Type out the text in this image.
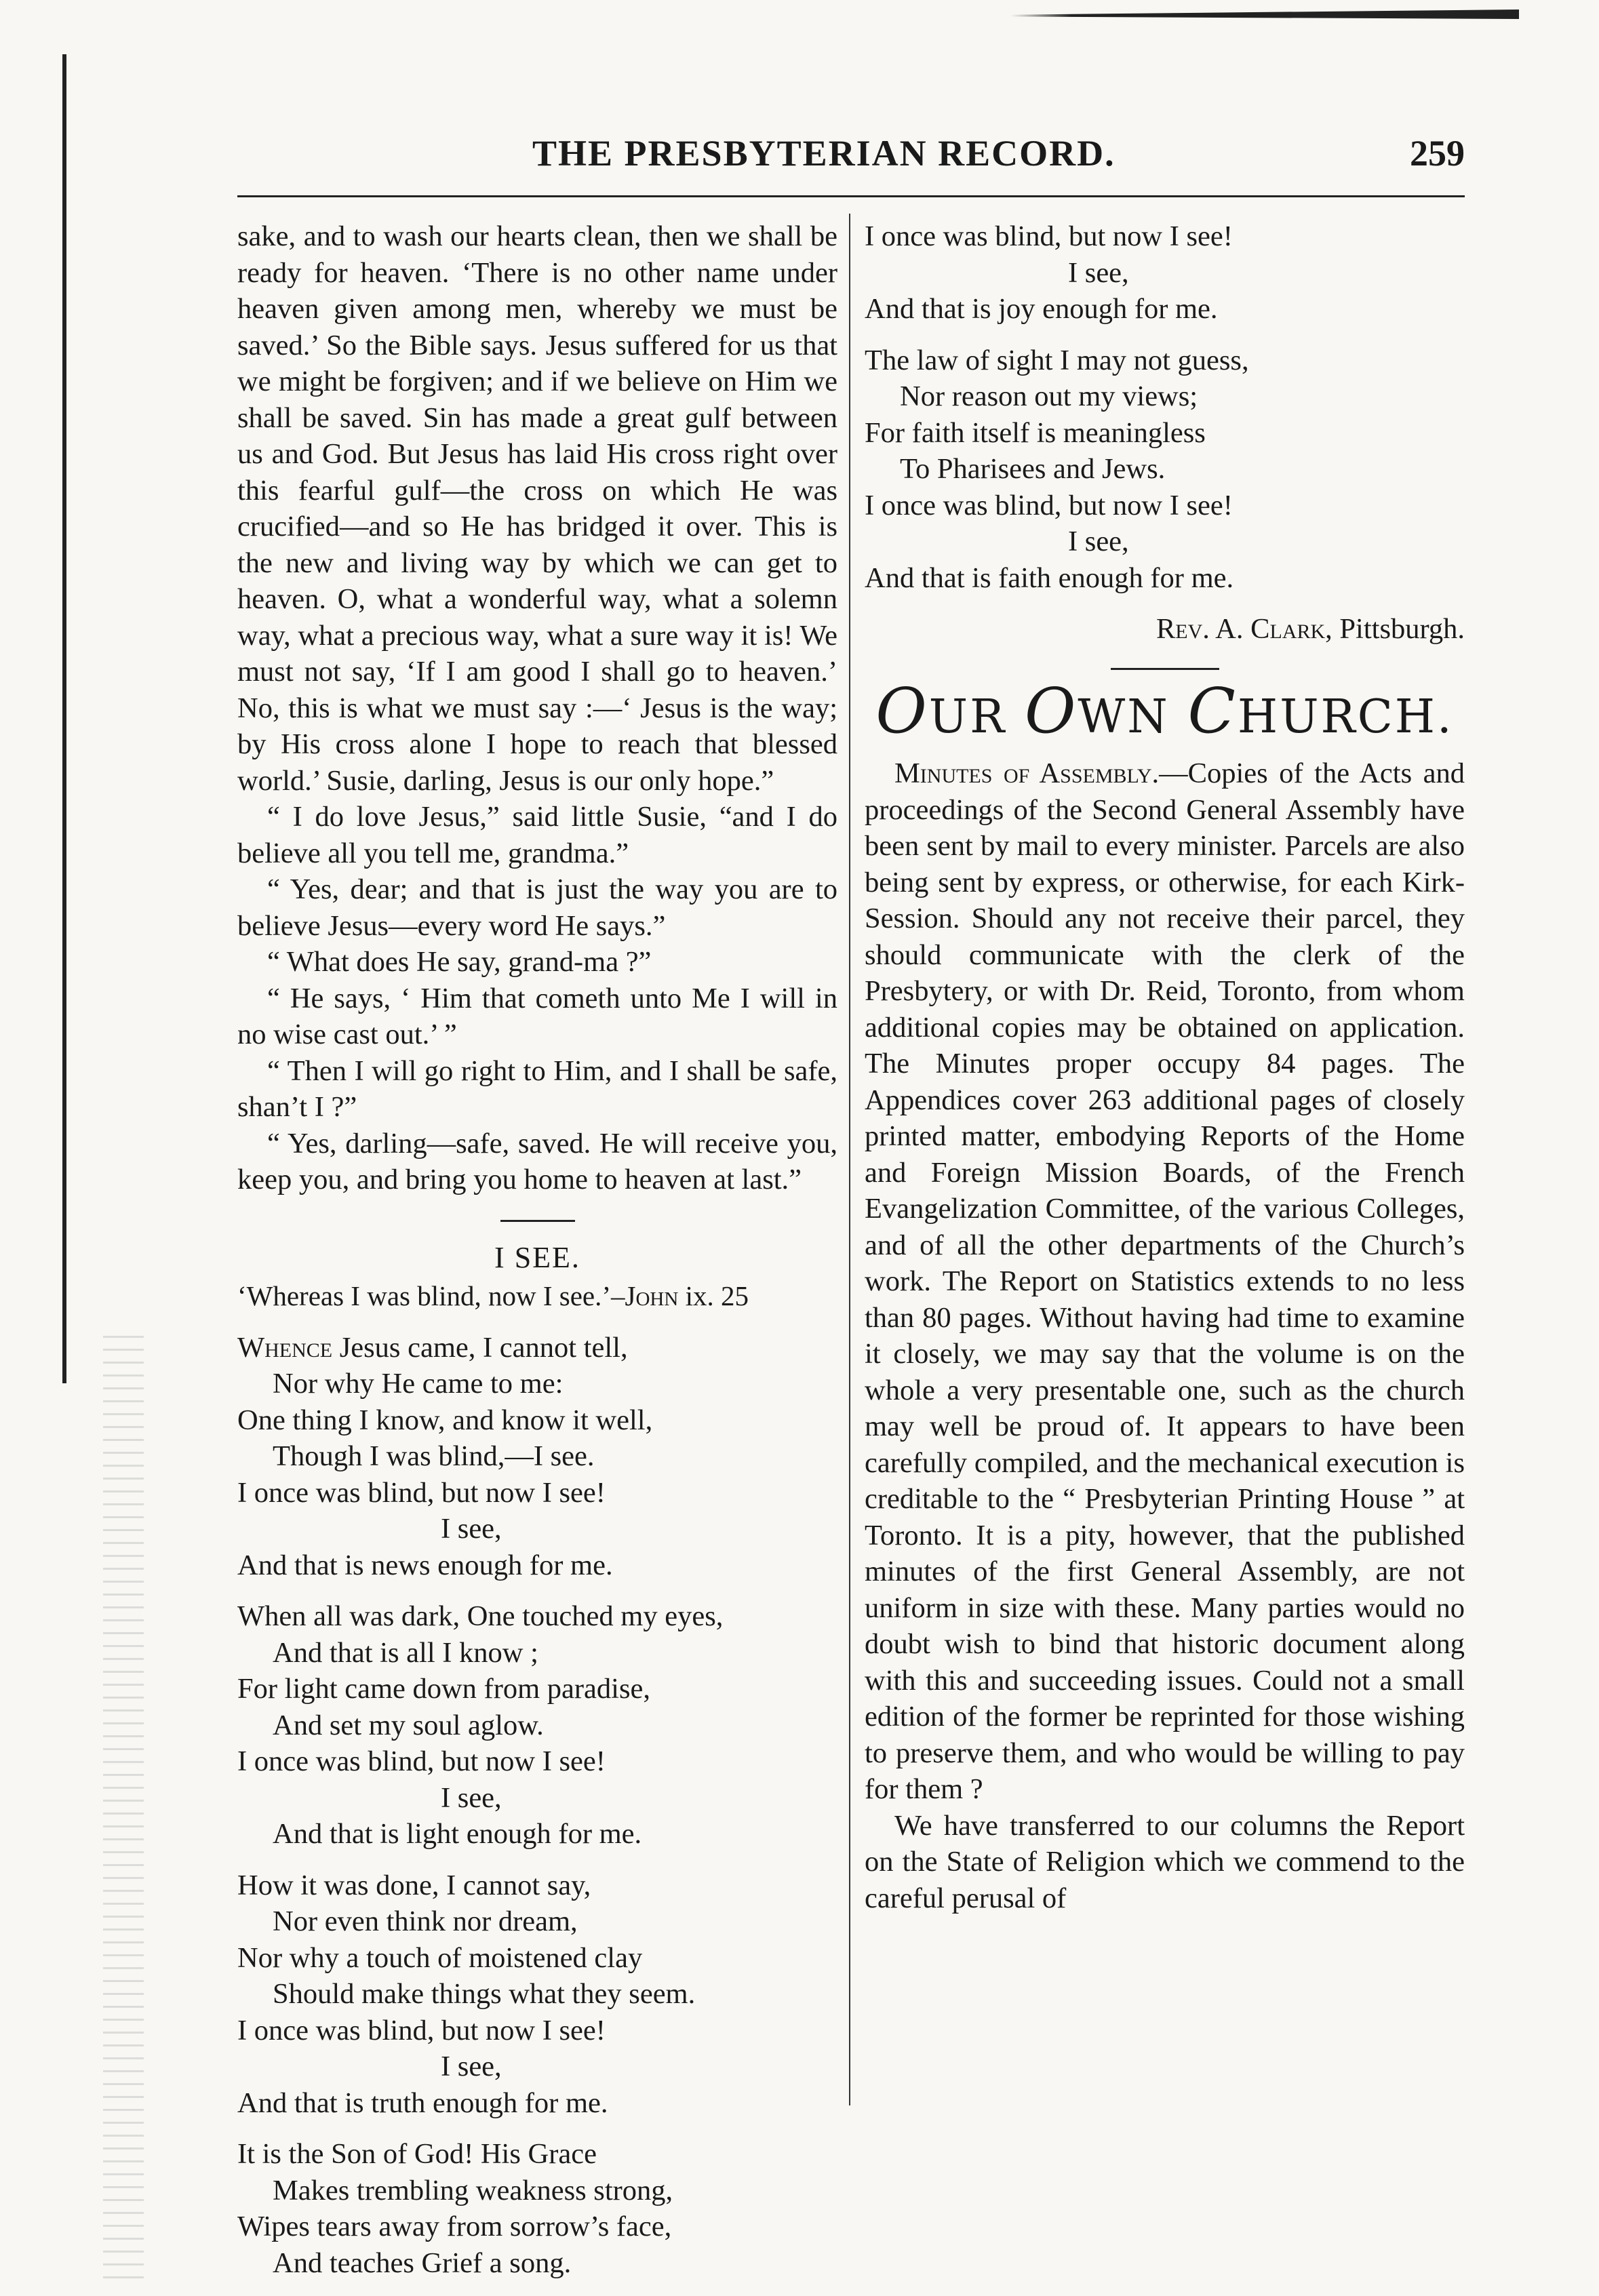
THE PRESBYTERIAN RECORD.	259

sake, and to wash our hearts clean, then we shall be ready for heaven. ‘There is no other name under heaven given among men, whereby we must be saved.’ So the Bible says. Jesus suffered for us that we might be forgiven; and if we believe on Him we shall be saved. Sin has made a great gulf between us and God. But Jesus has laid His cross right over this fearful gulf—the cross on which He was crucified—and so He has bridged it over. This is the new and living way by which we can get to heaven. O, what a wonderful way, what a solemn way, what a precious way, what a sure way it is! We must not say, ‘If I am good I shall go to heaven.’ No, this is what we must say :—‘ Jesus is the way; by His cross alone I hope to reach that blessed world.’ Susie, darling, Jesus is our only hope.”

“ I do love Jesus,” said little Susie, “and I do believe all you tell me, grandma.”

“ Yes, dear; and that is just the way you are to believe Jesus—every word He says.”

“ What does He say, grand-ma ?”

“ He says, ‘ Him that cometh unto Me I will in no wise cast out.’ ”

“ Then I will go right to Him, and I shall be safe, shan’t I ?”

“ Yes, darling—safe, saved. He will receive you, keep you, and bring you home to heaven at last.”

I SEE.

‘Whereas I was blind, now I see.’–John ix. 25

Whence Jesus came, I cannot tell,
Nor why He came to me:
One thing I know, and know it well,
Though I was blind,—I see.
I once was blind, but now I see!
I see,
And that is news enough for me.
When all was dark, One touched my eyes,
And that is all I know ;
For light came down from paradise,
And set my soul aglow.
I once was blind, but now I see!
I see,
And that is light enough for me.
How it was done, I cannot say,
Nor even think nor dream,
Nor why a touch of moistened clay
Should make things what they seem.
I once was blind, but now I see!
I see,
And that is truth enough for me.
It is the Son of God! His Grace
Makes trembling weakness strong,
Wipes tears away from sorrow’s face,
And teaches Grief a song.
I once was blind, but now I see!
I see,
And that is joy enough for me.
The law of sight I may not guess,
Nor reason out my views;
For faith itself is meaningless
To Pharisees and Jews.
I once was blind, but now I see!
I see,
And that is faith enough for me.

Rev. A. Clark, Pittsburgh.

OUR OWN CHURCH.

Minutes of Assembly.—Copies of the Acts and proceedings of the Second General Assembly have been sent by mail to every minister. Parcels are also being sent by express, or otherwise, for each Kirk-Session. Should any not receive their parcel, they should communicate with the clerk of the Presbytery, or with Dr. Reid, Toronto, from whom additional copies may be obtained on application. The Minutes proper occupy 84 pages. The Appendices cover 263 additional pages of closely printed matter, embodying Reports of the Home and Foreign Mission Boards, of the French Evangelization Committee, of the various Colleges, and of all the other departments of the Church’s work. The Report on Statistics extends to no less than 80 pages. Without having had time to examine it closely, we may say that the volume is on the whole a very presentable one, such as the church may well be proud of. It appears to have been carefully compiled, and the mechanical execution is creditable to the “ Presbyterian Printing House ” at Toronto. It is a pity, however, that the published minutes of the first General Assembly, are not uniform in size with these. Many parties would no doubt wish to bind that historic document along with this and succeeding issues. Could not a small edition of the former be reprinted for those wishing to preserve them, and who would be willing to pay for them ?

We have transferred to our columns the Report on the State of Religion which we commend to the careful perusal of
